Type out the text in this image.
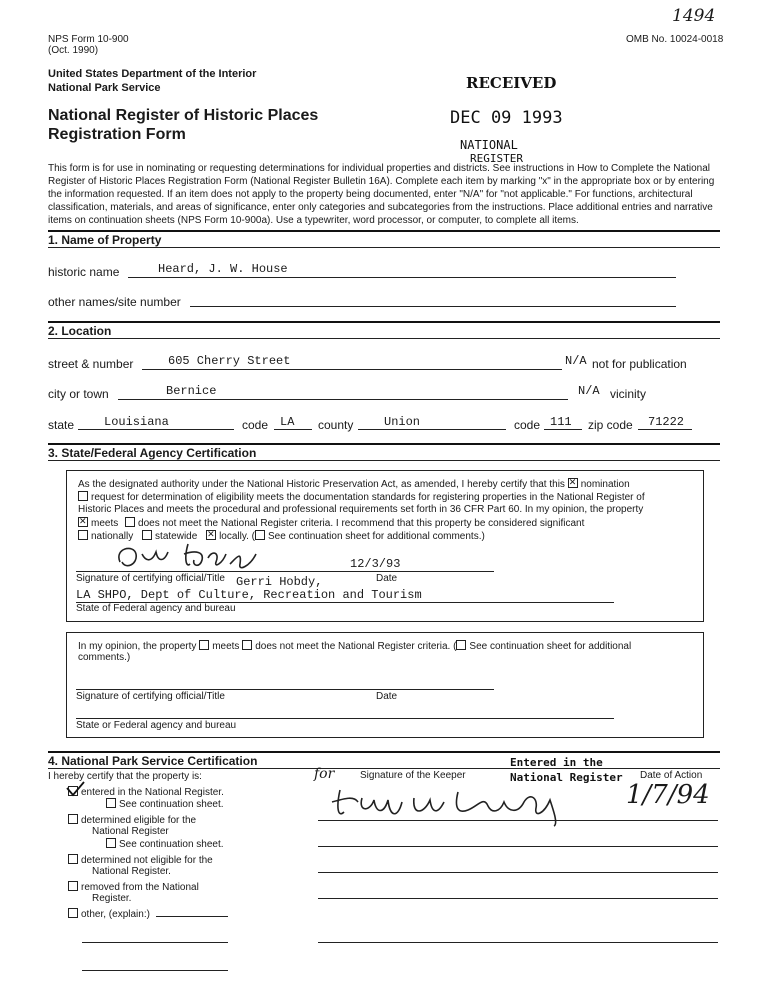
1494
NPS Form 10-900
(Oct. 1990)
OMB No. 10024-0018
United States Department of the Interior
National Park Service
National Register of Historic Places
Registration Form
RECEIVED
DEC 09 1993
NATIONAL
REGISTER
This form is for use in nominating or requesting determinations for individual properties and districts. See instructions in How to Complete the National Register of Historic Places Registration Form (National Register Bulletin 16A). Complete each item by marking "x" in the appropriate box or by entering the information requested. If an item does not apply to the property being documented, enter "N/A" for "not applicable." For functions, architectural classification, materials, and areas of significance, enter only categories and subcategories from the instructions. Place additional entries and narrative items on continuation sheets (NPS Form 10-900a). Use a typewriter, word processor, or computer, to complete all items.
1. Name of Property
historic name	Heard, J. W. House
other names/site number
2. Location
street & number	605 Cherry Street	N/A not for publication
city or town	Bernice	N/A vicinity
state Louisiana	code LA county	Union	code 111 zip code 71222
3. State/Federal Agency Certification
As the designated authority under the National Historic Preservation Act, as amended, I hereby certify that this ✕ nomination
request for determination of eligibility meets the documentation standards for registering properties in the National Register of
Historic Places and meets the procedural and professional requirements set forth in 36 CFR Part 60. In my opinion, the property
✕meets does not meet the National Register criteria. I recommend that this property be considered significant
nationally statewide ✕ locally. ( See continuation sheet for additional comments.)
12/3/93
Signature of certifying official/Title Gerri Hobdy,	Date
LA SHPO, Dept of Culture, Recreation and Tourism
State of Federal agency and bureau
In my opinion, the property meets does not meet the National Register criteria. ( See continuation sheet for additional
comments.)
Signature of certifying official/Title	Date
State or Federal agency and bureau
4. National Park Service Certification
I hereby certify that the property is:
entered in the National Register.
See continuation sheet.
determined eligible for the
National Register
See continuation sheet.
determined not eligible for the
National Register.
removed from the National
Register.
other, (explain:)
for	Signature of the Keeper
Entered in the
National Register Date of Action
1/7/94
